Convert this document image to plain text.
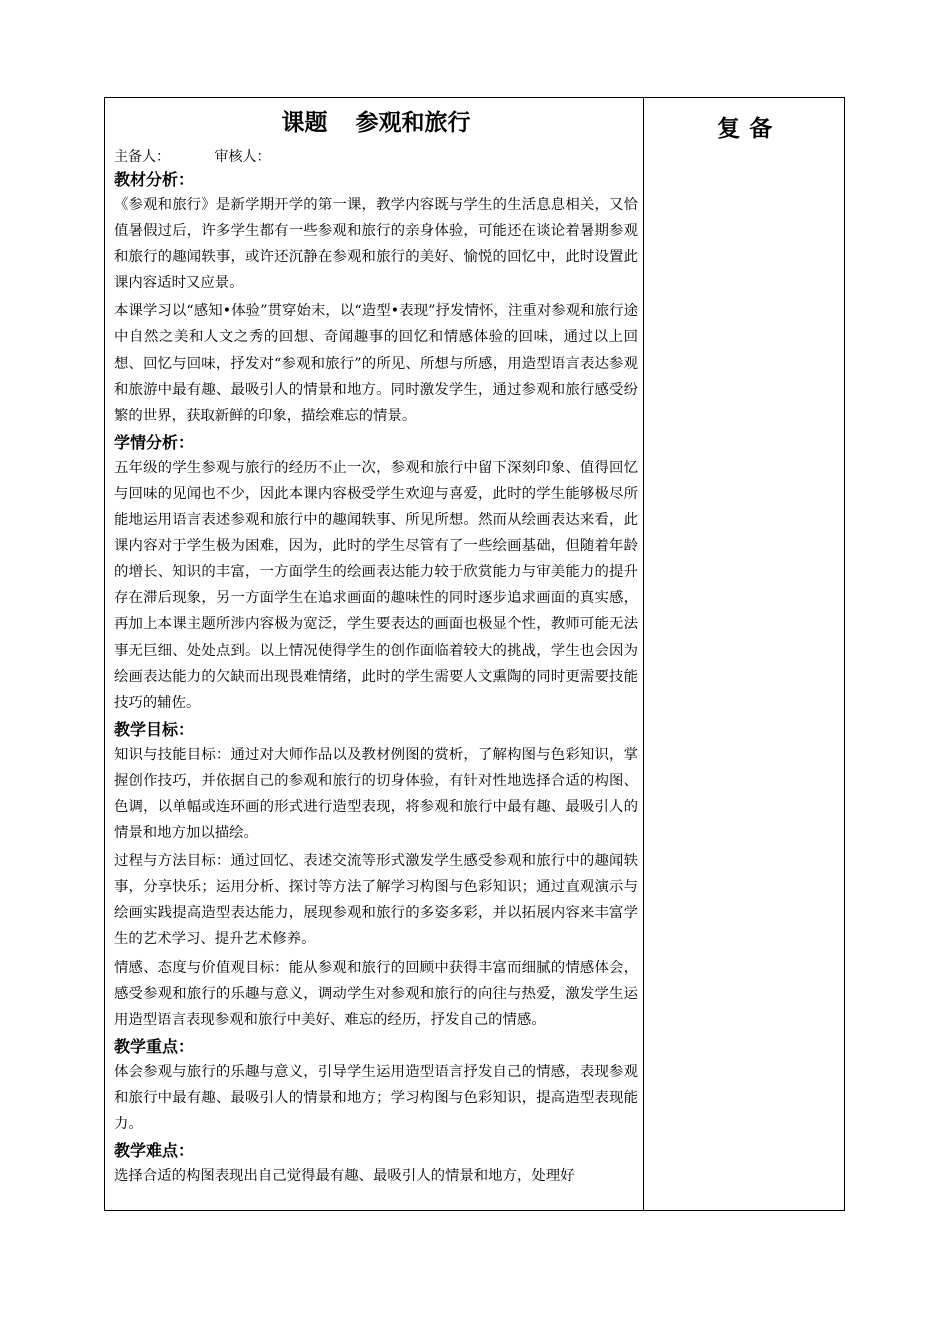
复 备
课题 参观和旅行
主备人：	审核人：
教材分析：

《参观和旅行》是新学期开学的第一课，教学内容既与学生的生活息息相关，又恰值暑假过后，许多学生都有一些参观和旅行的亲身体验，可能还在谈论着暑期参观和旅行的趣闻轶事，或许还沉静在参观和旅行的美好、愉悦的回忆中，此时设置此课内容适时又应景。

本课学习以“感知•体验”贯穿始末，以“造型•表现”抒发情怀，注重对参观和旅行途中自然之美和人文之秀的回想、奇闻趣事的回忆和情感体验的回味，通过以上回想、回忆与回味，抒发对“参观和旅行”的所见、所想与所感，用造型语言表达参观和旅游中最有趣、最吸引人的情景和地方。同时激发学生，通过参观和旅行感受纷繁的世界，获取新鲜的印象，描绘难忘的情景。

学情分析：

五年级的学生参观与旅行的经历不止一次，参观和旅行中留下深刻印象、值得回忆与回味的见闻也不少，因此本课内容极受学生欢迎与喜爱，此时的学生能够极尽所能地运用语言表述参观和旅行中的趣闻轶事、所见所想。然而从绘画表达来看，此课内容对于学生极为困难，因为，此时的学生尽管有了一些绘画基础，但随着年龄的增长、知识的丰富，一方面学生的绘画表达能力较于欣赏能力与审美能力的提升存在滞后现象，另一方面学生在追求画面的趣味性的同时逐步追求画面的真实感，再加上本课主题所涉内容极为宽泛，学生要表达的画面也极显个性，教师可能无法事无巨细、处处点到。以上情况使得学生的创作面临着较大的挑战，学生也会因为绘画表达能力的欠缺而出现畏难情绪，此时的学生需要人文熏陶的同时更需要技能技巧的辅佐。

教学目标：

知识与技能目标：通过对大师作品以及教材例图的赏析，了解构图与色彩知识，掌握创作技巧，并依据自己的参观和旅行的切身体验，有针对性地选择合适的构图、色调，以单幅或连环画的形式进行造型表现，将参观和旅行中最有趣、最吸引人的情景和地方加以描绘。

过程与方法目标：通过回忆、表述交流等形式激发学生感受参观和旅行中的趣闻轶事，分享快乐；运用分析、探讨等方法了解学习构图与色彩知识；通过直观演示与绘画实践提高造型表达能力，展现参观和旅行的多姿多彩，并以拓展内容来丰富学生的艺术学习、提升艺术修养。

情感、态度与价值观目标：能从参观和旅行的回顾中获得丰富而细腻的情感体会，感受参观和旅行的乐趣与意义，调动学生对参观和旅行的向往与热爱，激发学生运用造型语言表现参观和旅行中美好、难忘的经历，抒发自己的情感。

教学重点：

体会参观与旅行的乐趣与意义，引导学生运用造型语言抒发自己的情感，表现参观和旅行中最有趣、最吸引人的情景和地方；学习构图与色彩知识，提高造型表现能力。

教学难点：

选择合适的构图表现出自己觉得最有趣、最吸引人的情景和地方，处理好
